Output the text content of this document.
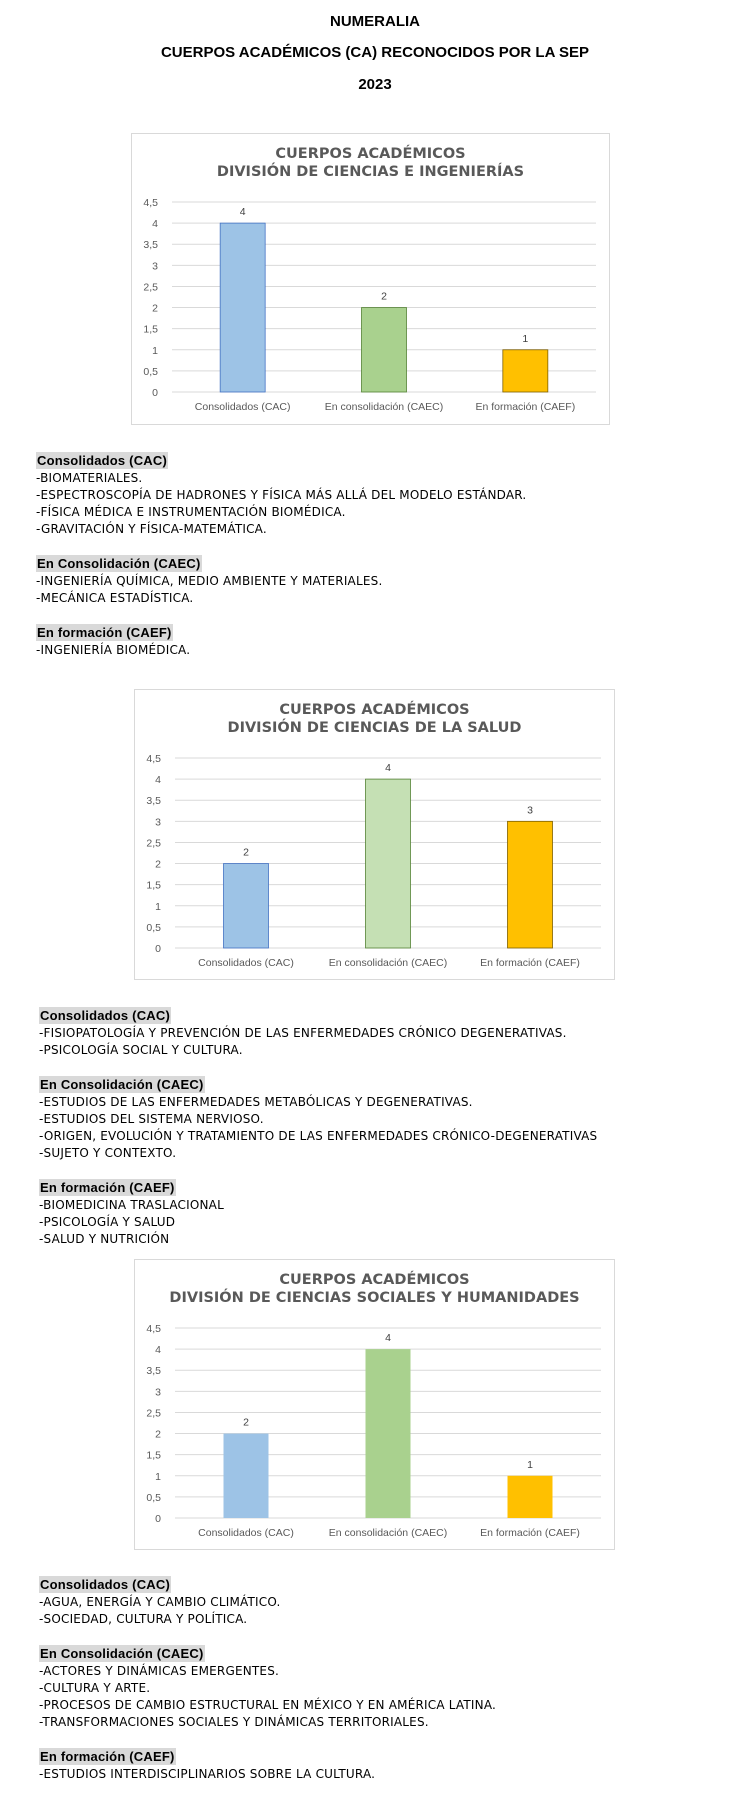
NUMERALIA
CUERPOS ACADÉMICOS (CA) RECONOCIDOS POR LA SEP
2023
CUERPOS ACADÉMICOS
DIVISIÓN DE CIENCIAS E INGENIERÍAS
0
0,5
1
1,5
2
2,5
3
3,5
4
4,5
4
Consolidados (CAC)
2
En consolidación (CAEC)
1
En formación (CAEF)
Consolidados (CAC)
-BIOMATERIALES.
-ESPECTROSCOPÍA DE HADRONES Y FÍSICA MÁS ALLÁ DEL MODELO ESTÁNDAR.
-FÍSICA MÉDICA E INSTRUMENTACIÓN BIOMÉDICA.
-GRAVITACIÓN Y FÍSICA-MATEMÁTICA.
En Consolidación (CAEC)
-INGENIERÍA QUÍMICA, MEDIO AMBIENTE Y MATERIALES.
-MECÁNICA ESTADÍSTICA.
En formación (CAEF)
-INGENIERÍA BIOMÉDICA.
CUERPOS ACADÉMICOS
DIVISIÓN DE CIENCIAS DE LA SALUD
0
0,5
1
1,5
2
2,5
3
3,5
4
4,5
2
Consolidados (CAC)
4
En consolidación (CAEC)
3
En formación (CAEF)
Consolidados (CAC)
-FISIOPATOLOGÍA Y PREVENCIÓN DE LAS ENFERMEDADES CRÓNICO DEGENERATIVAS.
-PSICOLOGÍA SOCIAL Y CULTURA.
En Consolidación (CAEC)
-ESTUDIOS DE LAS ENFERMEDADES METABÓLICAS Y DEGENERATIVAS.
-ESTUDIOS DEL SISTEMA NERVIOSO.
-ORIGEN, EVOLUCIÓN Y TRATAMIENTO DE LAS ENFERMEDADES CRÓNICO-DEGENERATIVAS
-SUJETO Y CONTEXTO.
En formación (CAEF)
-BIOMEDICINA TRASLACIONAL
-PSICOLOGÍA Y SALUD
-SALUD Y NUTRICIÓN
CUERPOS ACADÉMICOS
DIVISIÓN DE CIENCIAS SOCIALES Y HUMANIDADES
0
0,5
1
1,5
2
2,5
3
3,5
4
4,5
2
Consolidados (CAC)
4
En consolidación (CAEC)
1
En formación (CAEF)
Consolidados (CAC)
-AGUA, ENERGÍA Y CAMBIO CLIMÁTICO.
-SOCIEDAD, CULTURA Y POLÍTICA.
En Consolidación (CAEC)
-ACTORES Y DINÁMICAS EMERGENTES.
-CULTURA Y ARTE.
-PROCESOS DE CAMBIO ESTRUCTURAL EN MÉXICO Y EN AMÉRICA LATINA.
-TRANSFORMACIONES SOCIALES Y DINÁMICAS TERRITORIALES.
En formación (CAEF)
-ESTUDIOS INTERDISCIPLINARIOS SOBRE LA CULTURA.
